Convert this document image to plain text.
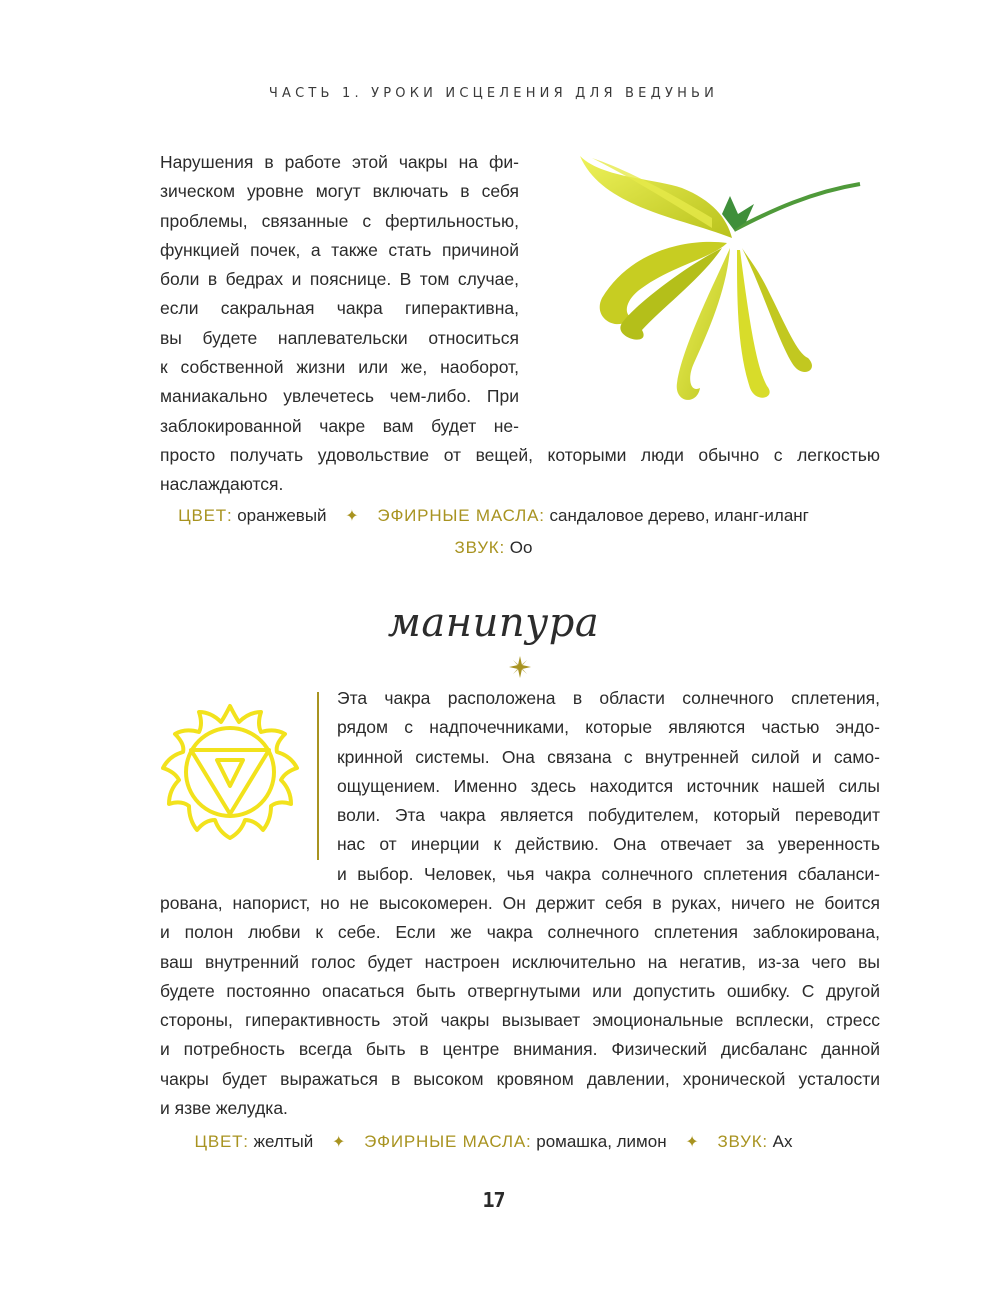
ЧАСТЬ 1. УРОКИ ИСЦЕЛЕНИЯ ДЛЯ ВЕДУНЬИ
Нарушения в работе этой чакры на фи-
зическом уровне могут включать в себя
проблемы, связанные с фертильностью,
функцией почек, а также стать причиной
боли в бедрах и пояснице. В том случае,
если сакральная чакра гиперактивна,
вы будете наплевательски относиться
к собственной жизни или же, наоборот,
маниакально увлечетесь чем-либо. При
заблокированной чакре вам будет не-
просто получать удовольствие от вещей, которыми люди обычно с легкостью
наслаждаются.
ЦВЕТ: оранжевый ✦ ЭФИРНЫЕ МАСЛА: сандаловое дерево, иланг-иланг
ЗВУК: Оо
манипура
Эта чакра расположена в области солнечного сплетения,
рядом с надпочечниками, которые являются частью эндо-
кринной системы. Она связана с внутренней силой и само-
ощущением. Именно здесь находится источник нашей силы
воли. Эта чакра является побудителем, который переводит
нас от инерции к действию. Она отвечает за уверенность
и выбор. Человек, чья чакра солнечного сплетения сбаланси-
рована, напорист, но не высокомерен. Он держит себя в руках, ничего не боится
и полон любви к себе. Если же чакра солнечного сплетения заблокирована,
ваш внутренний голос будет настроен исключительно на негатив, из-за чего вы
будете постоянно опасаться быть отвергнутыми или допустить ошибку. С другой
стороны, гиперактивность этой чакры вызывает эмоциональные всплески, стресс
и потребность всегда быть в центре внимания. Физический дисбаланс данной
чакры будет выражаться в высоком кровяном давлении, хронической усталости
и язве желудка.
ЦВЕТ: желтый ✦ ЭФИРНЫЕ МАСЛА: ромашка, лимон ✦ ЗВУК: Ах
17
